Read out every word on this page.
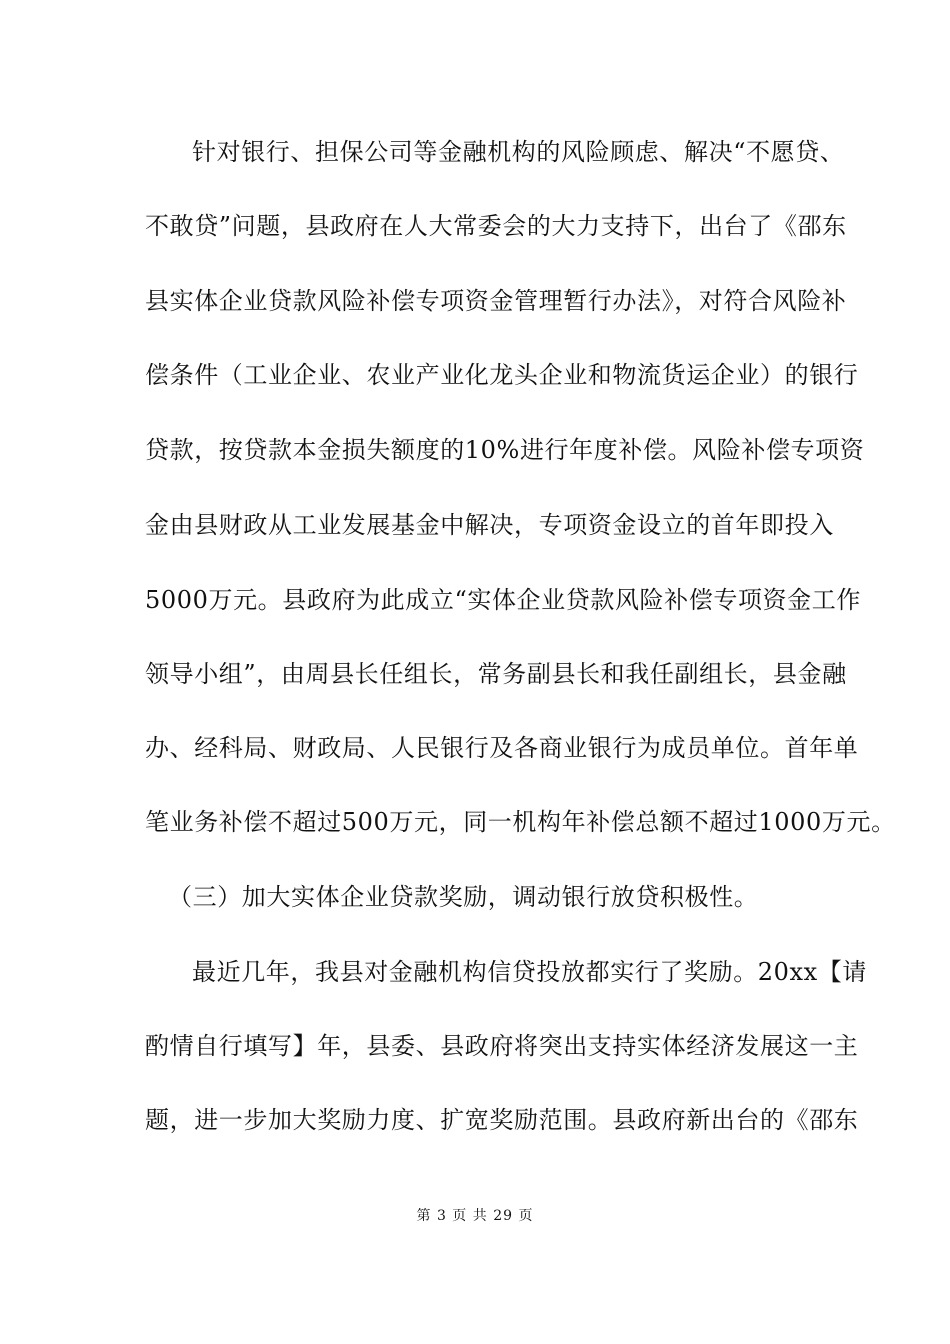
针对银行、担保公司等金融机构的风险顾虑、解决“不愿贷、
不敢贷”问题，县政府在人大常委会的大力支持下，出台了《邵东
县实体企业贷款风险补偿专项资金管理暂行办法》，对符合风险补
偿条件（工业企业、农业产业化龙头企业和物流货运企业）的银行
贷款，按贷款本金损失额度的10%进行年度补偿。风险补偿专项资
金由县财政从工业发展基金中解决，专项资金设立的首年即投入
5000万元。县政府为此成立“实体企业贷款风险补偿专项资金工作
领导小组”，由周县长任组长，常务副县长和我任副组长，县金融
办、经科局、财政局、人民银行及各商业银行为成员单位。首年单
笔业务补偿不超过500万元，同一机构年补偿总额不超过1000万元。
（三）加大实体企业贷款奖励，调动银行放贷积极性。
最近几年，我县对金融机构信贷投放都实行了奖励。20xx【请
酌情自行填写】年，县委、县政府将突出支持实体经济发展这一主
题，进一步加大奖励力度、扩宽奖励范围。县政府新出台的《邵东
第 3 页 共 29 页
